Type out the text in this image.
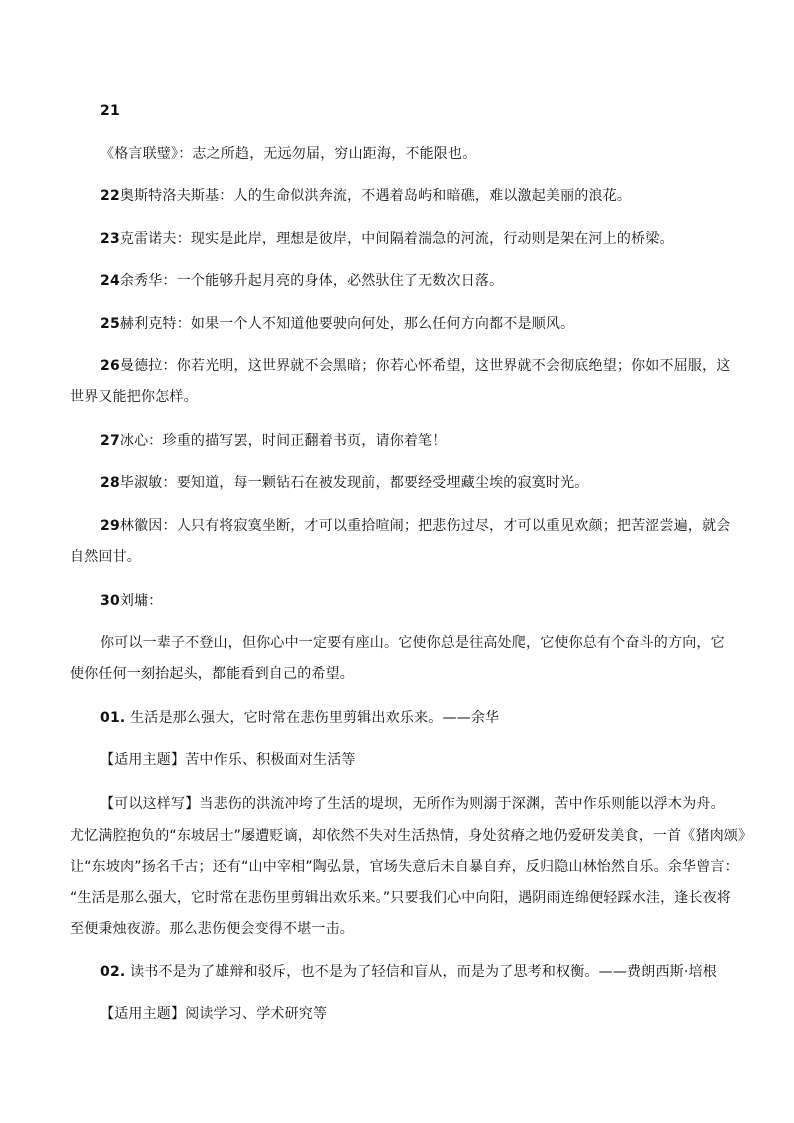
21
《格言联璧》：志之所趋，无远勿届，穷山距海，不能限也。
22奥斯特洛夫斯基：人的生命似洪奔流，不遇着岛屿和暗礁，难以激起美丽的浪花。
23克雷诺夫：现实是此岸，理想是彼岸，中间隔着湍急的河流，行动则是架在河上的桥梁。
24余秀华：一个能够升起月亮的身体，必然驮住了无数次日落。
25赫利克特：如果一个人不知道他要驶向何处，那么任何方向都不是顺风。
26曼德拉：你若光明，这世界就不会黑暗；你若心怀希望，这世界就不会彻底绝望；你如不屈服，这
世界又能把你怎样。
27冰心：珍重的描写罢，时间正翻着书页，请你着笔！
28毕淑敏：要知道，每一颗钻石在被发现前，都要经受埋藏尘埃的寂寞时光。
29林徽因：人只有将寂寞坐断，才可以重拾喧闹；把悲伤过尽，才可以重见欢颜；把苦涩尝遍，就会
自然回甘。
30刘墉：
你可以一辈子不登山，但你心中一定要有座山。它使你总是往高处爬，它使你总有个奋斗的方向，它
使你任何一刻抬起头，都能看到自己的希望。
01. 生活是那么强大，它时常在悲伤里剪辑出欢乐来。——余华
【适用主题】苦中作乐、积极面对生活等
【可以这样写】当悲伤的洪流冲垮了生活的堤坝，无所作为则溺于深渊，苦中作乐则能以浮木为舟。
尤忆满腔抱负的“东坡居士”屡遭贬谪，却依然不失对生活热情，身处贫瘠之地仍爱研发美食，一首《猪肉颂》
让“东坡肉”扬名千古；还有“山中宰相”陶弘景，官场失意后未自暴自弃，反归隐山林怡然自乐。余华曾言：
“生活是那么强大，它时常在悲伤里剪辑出欢乐来。”只要我们心中向阳，遇阴雨连绵便轻踩水洼，逢长夜将
至便秉烛夜游。那么悲伤便会变得不堪一击。
02. 读书不是为了雄辩和驳斥，也不是为了轻信和盲从，而是为了思考和权衡。——费朗西斯·培根
【适用主题】阅读学习、学术研究等
